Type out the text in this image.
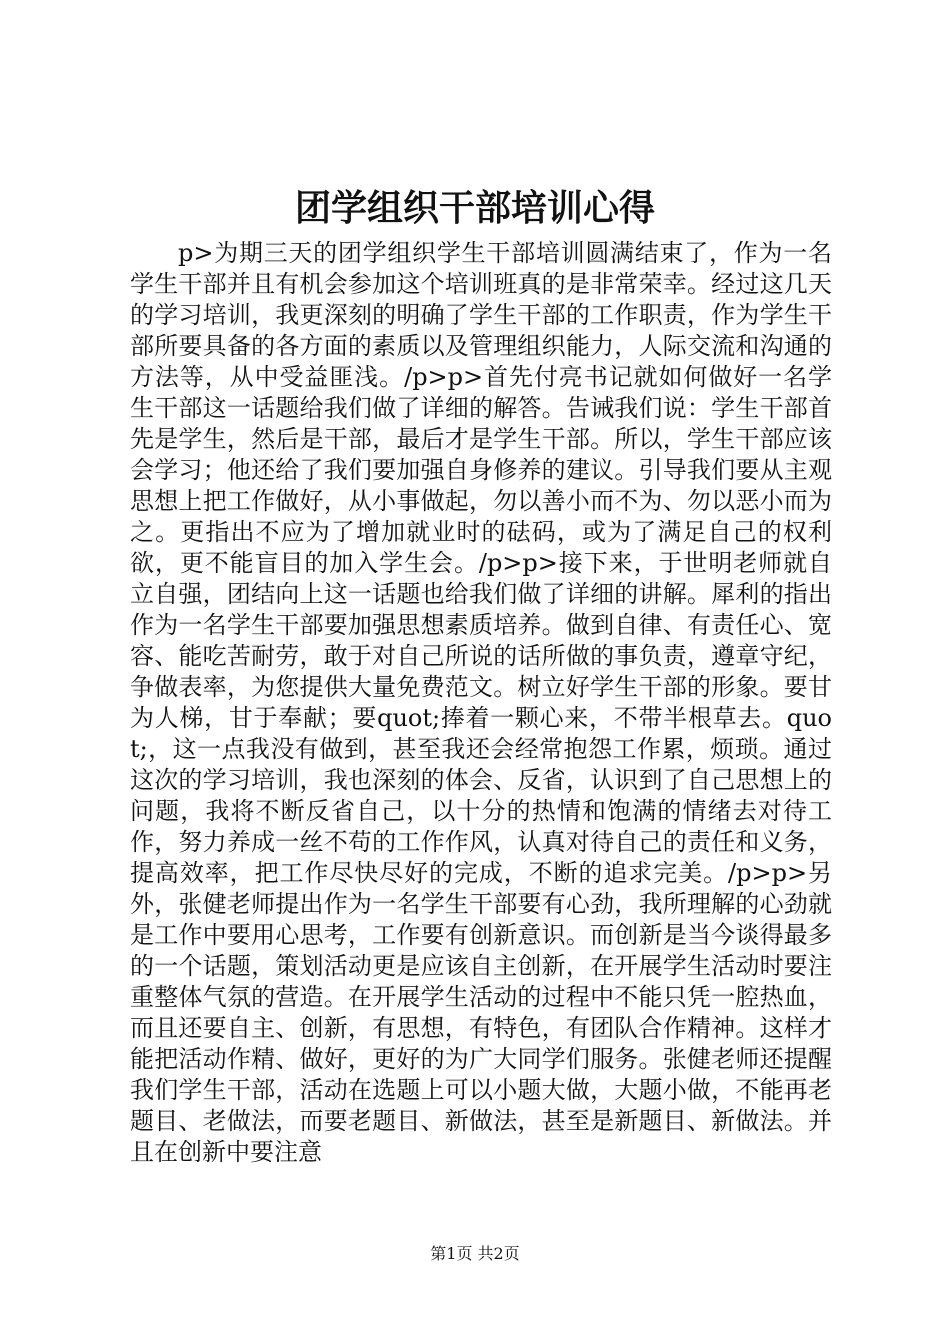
团学组织干部培训心得

p>为期三天的团学组织学生干部培训圆满结束了，作为一名学生干部并且有机会参加这个培训班真的是非常荣幸。经过这几天的学习培训，我更深刻的明确了学生干部的工作职责，作为学生干部所要具备的各方面的素质以及管理组织能力，人际交流和沟通的方法等，从中受益匪浅。/p>p>首先付亮书记就如何做好一名学生干部这一话题给我们做了详细的解答。告诫我们说：学生干部首先是学生，然后是干部，最后才是学生干部。所以，学生干部应该会学习；他还给了我们要加强自身修养的建议。引导我们要从主观思想上把工作做好，从小事做起，勿以善小而不为、勿以恶小而为之。更指出不应为了增加就业时的砝码，或为了满足自己的权利欲，更不能盲目的加入学生会。/p>p>接下来，于世明老师就自立自强，团结向上这一话题也给我们做了详细的讲解。犀利的指出作为一名学生干部要加强思想素质培养。做到自律、有责任心、宽容、能吃苦耐劳，敢于对自己所说的话所做的事负责，遵章守纪，争做表率，为您提供大量免费范文。树立好学生干部的形象。要甘为人梯，甘于奉献；要quot;捧着一颗心来，不带半根草去。quot;，这一点我没有做到，甚至我还会经常抱怨工作累，烦琐。通过这次的学习培训，我也深刻的体会、反省，认识到了自己思想上的问题，我将不断反省自己，以十分的热情和饱满的情绪去对待工作，努力养成一丝不苟的工作作风，认真对待自己的责任和义务，提高效率，把工作尽快尽好的完成，不断的追求完美。/p>p>另外，张健老师提出作为一名学生干部要有心劲，我所理解的心劲就是工作中要用心思考，工作要有创新意识。而创新是当今谈得最多的一个话题，策划活动更是应该自主创新，在开展学生活动时要注重整体气氛的营造。在开展学生活动的过程中不能只凭一腔热血，而且还要自主、创新，有思想，有特色，有团队合作精神。这样才能把活动作精、做好，更好的为广大同学们服务。张健老师还提醒我们学生干部，活动在选题上可以小题大做，大题小做，不能再老题目、老做法，而要老题目、新做法，甚至是新题目、新做法。并且在创新中要注意

第1页 共2页
